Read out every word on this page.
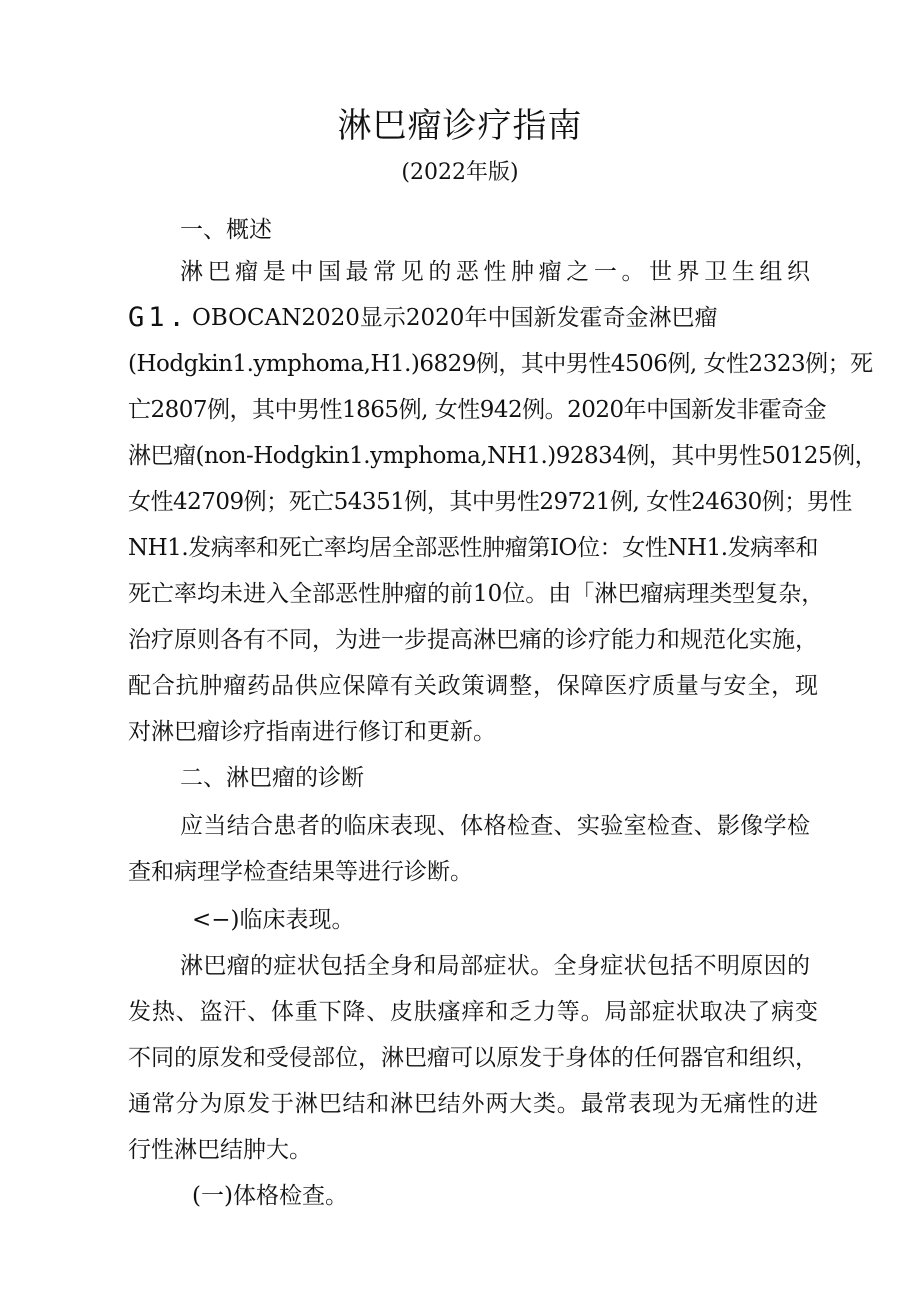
淋巴瘤诊疗指南
(2022年版)
一、概述
淋巴瘤是中国最常见的恶性肿瘤之一。世界卫生组织
G1. OBOCAN2020显示2020年中国新发霍奇金淋巴瘤
(Hodgkin1.ymphoma,H1.)6829例，其中男性4506例, 女性2323例；死
亡2807例，其中男性1865例, 女性942例。2020年中国新发非霍奇金
淋巴瘤(non-Hodgkin1.ymphoma,NH1.)92834例，其中男性50125例，
女性42709例；死亡54351例，其中男性29721例, 女性24630例；男性
NH1.发病率和死亡率均居全部恶性肿瘤第IO位：女性NH1.发病率和
死亡率均未进入全部恶性肿瘤的前10位。由「淋巴瘤病理类型复杂，
治疗原则各有不同，为进一步提高淋巴痛的诊疗能力和规范化实施，
配合抗肿瘤药品供应保障有关政策调整，保障医疗质量与安全，现
对淋巴瘤诊疗指南进行修订和更新。
二、淋巴瘤的诊断
应当结合患者的临床表现、体格检查、实验室检查、影像学检
查和病理学检查结果等进行诊断。
<−)临床表现。
淋巴瘤的症状包括全身和局部症状。全身症状包括不明原因的
发热、盗汗、体重下降、皮肤瘙痒和乏力等。局部症状取决了病变
不同的原发和受侵部位，淋巴瘤可以原发于身体的任何器官和组织，
通常分为原发于淋巴结和淋巴结外两大类。最常表现为无痛性的进
行性淋巴结肿大。
(一)体格检查。
